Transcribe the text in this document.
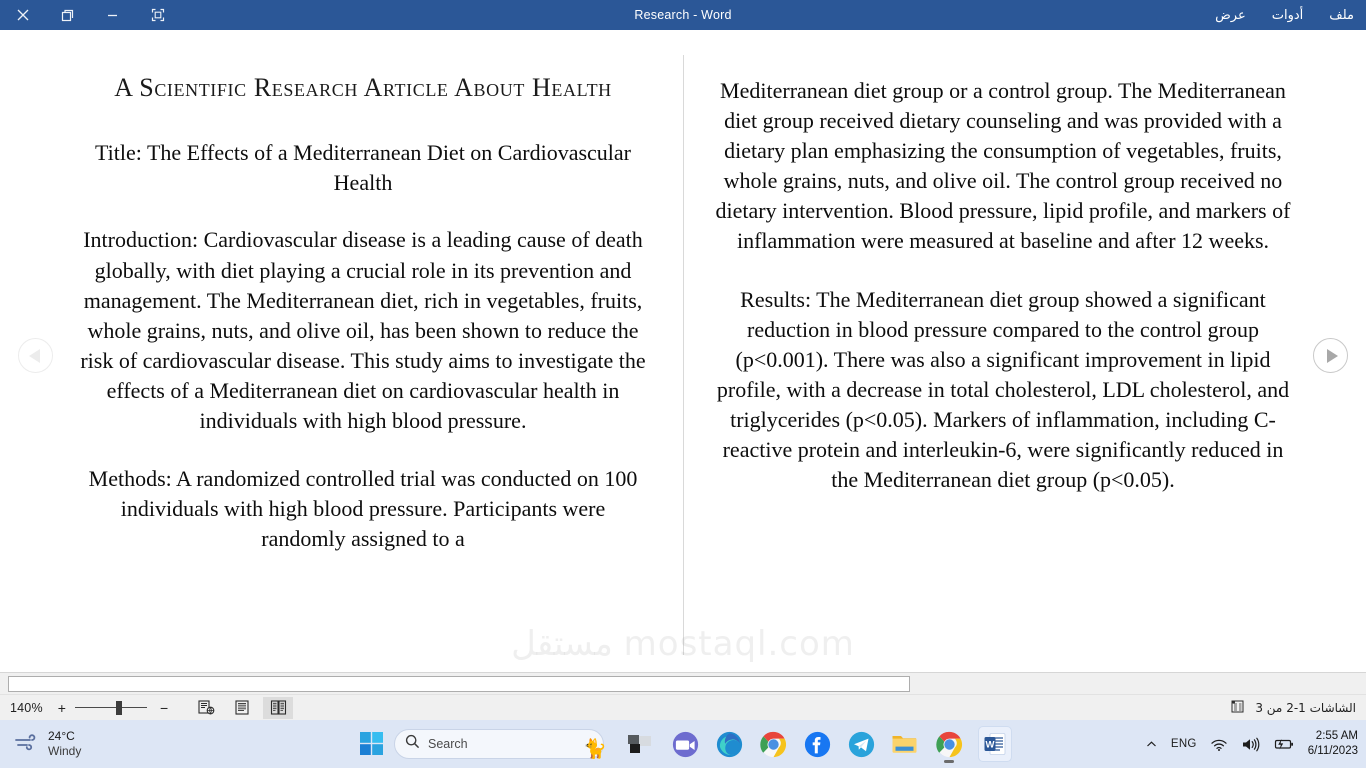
Research - Word	ملف
أدوات
عرض
A Scientific Research Article About Health
Title: The Effects of a Mediterranean Diet on Cardiovascular Health
Introduction: Cardiovascular disease is a leading cause of death globally, with diet playing a crucial role in its prevention and management. The Mediterranean diet, rich in vegetables, fruits, whole grains, nuts, and olive oil, has been shown to reduce the risk of cardiovascular disease. This study aims to investigate the effects of a Mediterranean diet on cardiovascular health in individuals with high blood pressure.
Methods: A randomized controlled trial was conducted on 100 individuals with high blood pressure. Participants were randomly assigned to a
Mediterranean diet group or a control group. The Mediterranean diet group received dietary counseling and was provided with a dietary plan emphasizing the consumption of vegetables, fruits, whole grains, nuts, and olive oil. The control group received no dietary intervention. Blood pressure, lipid profile, and markers of inflammation were measured at baseline and after 12 weeks.
Results: The Mediterranean diet group showed a significant reduction in blood pressure compared to the control group (p<0.001). There was also a significant improvement in lipid profile, with a decrease in total cholesterol, LDL cholesterol, and triglycerides (p<0.05). Markers of inflammation, including C-reactive protein and interleukin-6, were significantly reduced in the Mediterranean diet group (p<0.05).
مستقل mostaql.com
140% +	−	الشاشات 1-2 من 3
24°C
Windy	Search	🐈	W	ENG
2:55 AM
6/11/2023
